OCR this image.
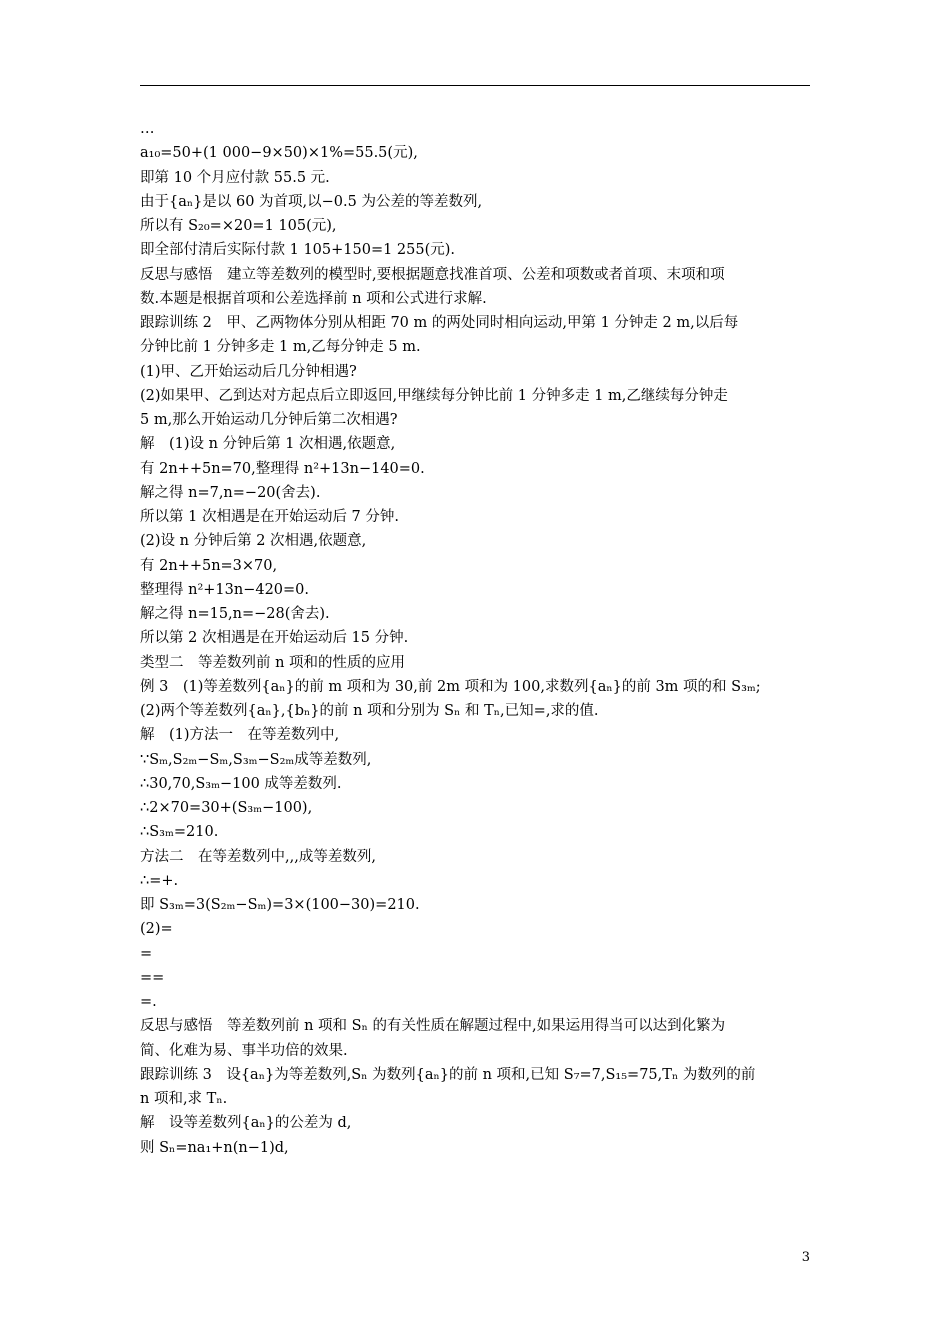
…
a₁₀=50+(1 000−9×50)×1%=55.5(元),
即第 10 个月应付款 55.5 元.
由于{aₙ}是以 60 为首项,以−0.5 为公差的等差数列,
所以有 S₂₀=×20=1 105(元),
即全部付清后实际付款 1 105+150=1 255(元).
反思与感悟　建立等差数列的模型时,要根据题意找准首项、公差和项数或者首项、末项和项
数.本题是根据首项和公差选择前 n 项和公式进行求解.
跟踪训练 2　甲、乙两物体分别从相距 70 m 的两处同时相向运动,甲第 1 分钟走 2 m,以后每
分钟比前 1 分钟多走 1 m,乙每分钟走 5 m.
(1)甲、乙开始运动后几分钟相遇?
(2)如果甲、乙到达对方起点后立即返回,甲继续每分钟比前 1 分钟多走 1 m,乙继续每分钟走
5 m,那么开始运动几分钟后第二次相遇?
解　(1)设 n 分钟后第 1 次相遇,依题意,
有 2n++5n=70,整理得 n²+13n−140=0.
解之得 n=7,n=−20(舍去).
所以第 1 次相遇是在开始运动后 7 分钟.
(2)设 n 分钟后第 2 次相遇,依题意,
有 2n++5n=3×70,
整理得 n²+13n−420=0.
解之得 n=15,n=−28(舍去).
所以第 2 次相遇是在开始运动后 15 分钟.
类型二　等差数列前 n 项和的性质的应用
例 3　(1)等差数列{aₙ}的前 m 项和为 30,前 2m 项和为 100,求数列{aₙ}的前 3m 项的和 S₃ₘ;
(2)两个等差数列{aₙ},{bₙ}的前 n 项和分别为 Sₙ 和 Tₙ,已知=,求的值.
解　(1)方法一　在等差数列中,
∵Sₘ,S₂ₘ−Sₘ,S₃ₘ−S₂ₘ成等差数列,
∴30,70,S₃ₘ−100 成等差数列.
∴2×70=30+(S₃ₘ−100),
∴S₃ₘ=210.
方法二　在等差数列中,,,成等差数列,
∴=+.
即 S₃ₘ=3(S₂ₘ−Sₘ)=3×(100−30)=210.
(2)=
=
==
=.
反思与感悟　等差数列前 n 项和 Sₙ 的有关性质在解题过程中,如果运用得当可以达到化繁为
简、化难为易、事半功倍的效果.
跟踪训练 3　设{aₙ}为等差数列,Sₙ 为数列{aₙ}的前 n 项和,已知 S₇=7,S₁₅=75,Tₙ 为数列的前
n 项和,求 Tₙ.
解　设等差数列{aₙ}的公差为 d,
则 Sₙ=na₁+n(n−1)d,
3
